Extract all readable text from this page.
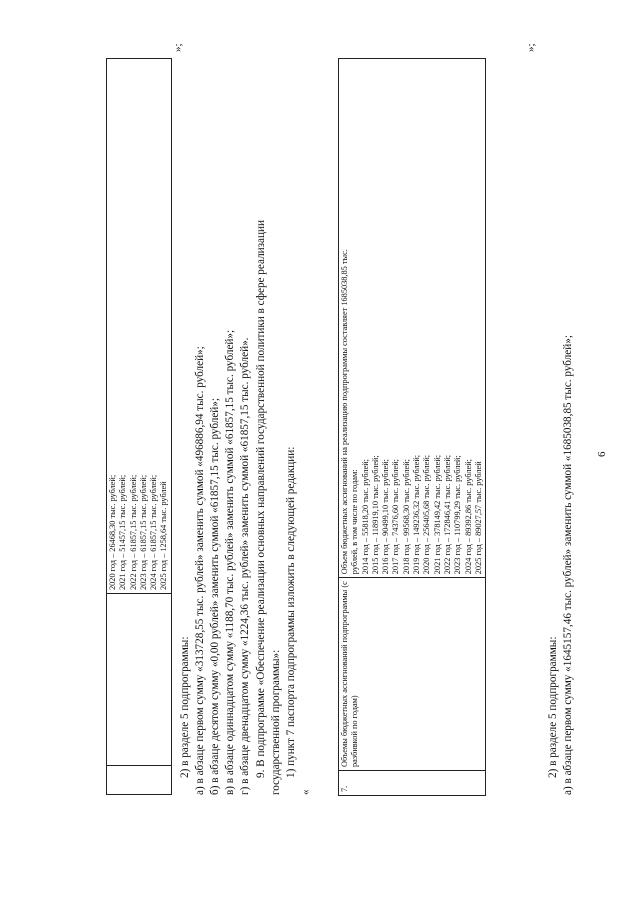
6

2020 год – 26468,30 тыс. рублей; 2021 год – 51457,15 тыс. рублей; 2022 год – 61857,15 тыс. рублей; 2023 год – 61857,15 тыс. рублей; 2024 год – 61857,15 тыс. рублей; 2025 год – 1258,64 тыс. рублей
»;
2) в разделе 5 подпрограммы: а) в абзаце первом сумму «313728,55 тыс. рублей» заменить суммой «496886,94 тыс. рублей»; б) в абзаце десятом сумму «0,00 рублей» заменить суммой «61857,15 тыс. рублей»; в) в абзаце одиннадцатом сумму «1188,70 тыс. рублей» заменить суммой «61857,15 тыс. рублей»; г) в абзаце двенадцатом сумму «1224,36 тыс. рублей» заменить суммой «61857,15 тыс. рублей». 9. В подпрограмме «Обеспечение реализации основных направлений государственной политики в сфере реализации государственной программы»: 1) пункт 7 паспорта подпрограммы изложить в следующей редакции:
«
7.	
Объемы бюджетных ассигнований подпрограммы (с разбивкой по годам)

Объем бюджетных ассигнований на реализацию подпрограммы составляет 1685038,85 тыс. рублей, в том числе по годам: 2014 год – 55818,20 тыс. рублей; 2015 год – 118919,10 тыс. рублей; 2016 год – 90499,10 тыс. рублей; 2017 год – 74376,60 тыс. рублей; 2018 год – 99568,30 тыс. рублей; 2019 год – 149236,32 тыс. рублей; 2020 год – 256405,68 тыс. рублей; 2021 год – 378149,42 тыс. рублей; 2022 год – 172846,41 тыс. рублей; 2023 год – 110799,29 тыс. рублей; 2024 год – 89392,86 тыс. рублей; 2025 год – 89027,57 тыс. рублей
»;
2) в разделе 5 подпрограммы: а) в абзаце первом сумму «1645157,46 тыс. рублей» заменить суммой «1685038,85 тыс. рублей»;
